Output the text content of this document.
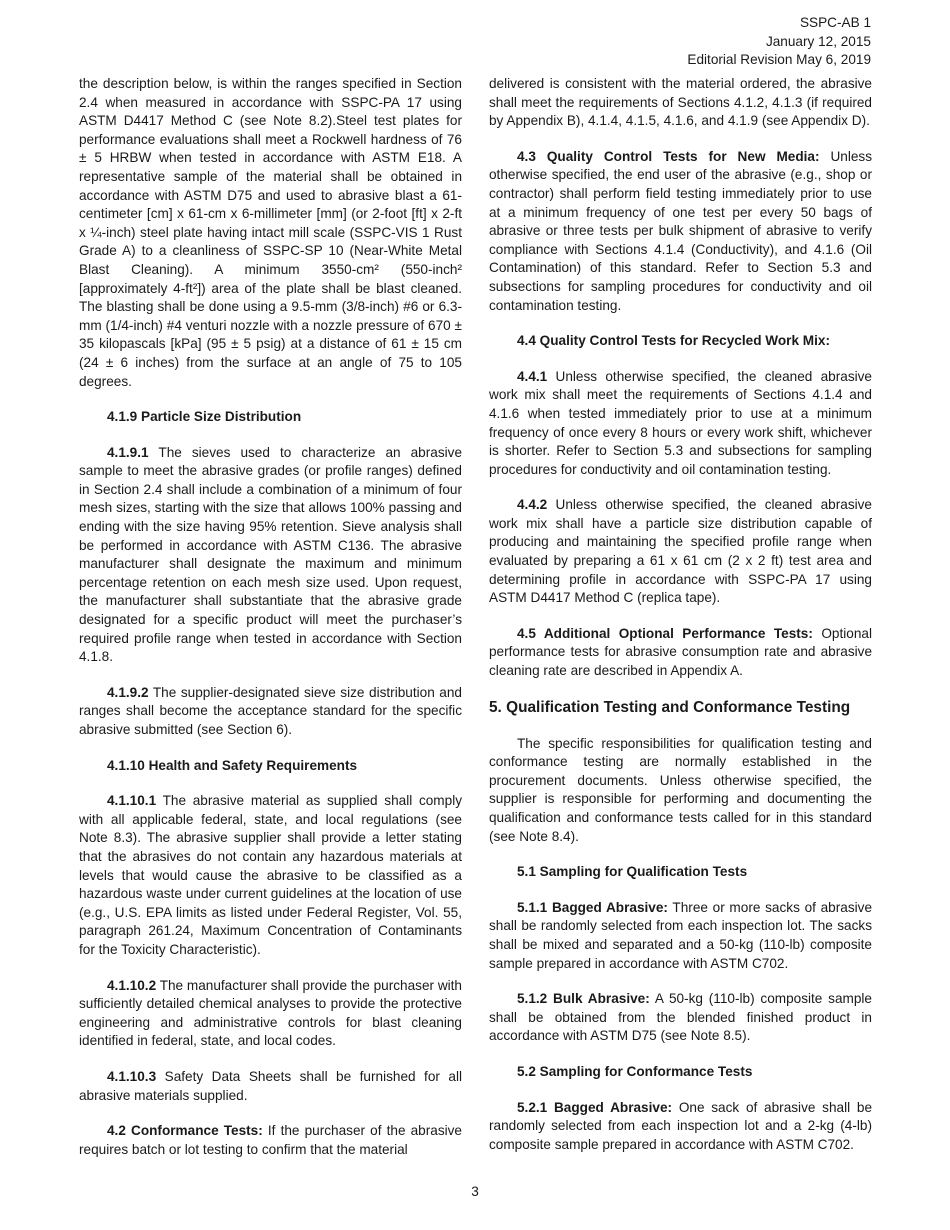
SSPC-AB 1
January 12, 2015
Editorial Revision May 6, 2019

the description below, is within the ranges specified in Section 2.4 when measured in accordance with SSPC-PA 17 using ASTM D4417 Method C (see Note 8.2).Steel test plates for performance evaluations shall meet a Rockwell hardness of 76 ± 5 HRBW when tested in accordance with ASTM E18. A representative sample of the material shall be obtained in accordance with ASTM D75 and used to abrasive blast a 61-centimeter [cm] x 61-cm x 6-millimeter [mm] (or 2-foot [ft] x 2-ft x ¼-inch) steel plate having intact mill scale (SSPC-VIS 1 Rust Grade A) to a cleanliness of SSPC-SP 10 (Near-White Metal Blast Cleaning). A minimum 3550-cm² (550-inch² [approximately 4-ft²]) area of the plate shall be blast cleaned. The blasting shall be done using a 9.5-mm (3/8-inch) #6 or 6.3-mm (1/4-inch) #4 venturi nozzle with a nozzle pressure of 670 ± 35 kilopascals [kPa] (95 ± 5 psig) at a distance of 61 ± 15 cm (24 ± 6 inches) from the surface at an angle of 75 to 105 degrees.

4.1.9 Particle Size Distribution

4.1.9.1 The sieves used to characterize an abrasive sample to meet the abrasive grades (or profile ranges) defined in Section 2.4 shall include a combination of a minimum of four mesh sizes, starting with the size that allows 100% passing and ending with the size having 95% retention. Sieve analysis shall be performed in accordance with ASTM C136. The abrasive manufacturer shall designate the maximum and minimum percentage retention on each mesh size used. Upon request, the manufacturer shall substantiate that the abrasive grade designated for a specific product will meet the purchaser’s required profile range when tested in accordance with Section 4.1.8.

4.1.9.2 The supplier-designated sieve size distribution and ranges shall become the acceptance standard for the specific abrasive submitted (see Section 6).

4.1.10 Health and Safety Requirements

4.1.10.1 The abrasive material as supplied shall comply with all applicable federal, state, and local regulations (see Note 8.3). The abrasive supplier shall provide a letter stating that the abrasives do not contain any hazardous materials at levels that would cause the abrasive to be classified as a hazardous waste under current guidelines at the location of use (e.g., U.S. EPA limits as listed under Federal Register, Vol. 55, paragraph 261.24, Maximum Concentration of Contaminants for the Toxicity Characteristic).

4.1.10.2 The manufacturer shall provide the purchaser with sufficiently detailed chemical analyses to provide the protective engineering and administrative controls for blast cleaning identified in federal, state, and local codes.

4.1.10.3 Safety Data Sheets shall be furnished for all abrasive materials supplied.

4.2 Conformance Tests: If the purchaser of the abrasive requires batch or lot testing to confirm that the material

delivered is consistent with the material ordered, the abrasive shall meet the requirements of Sections 4.1.2, 4.1.3 (if required by Appendix B), 4.1.4, 4.1.5, 4.1.6, and 4.1.9 (see Appendix D).

4.3 Quality Control Tests for New Media: Unless otherwise specified, the end user of the abrasive (e.g., shop or contractor) shall perform field testing immediately prior to use at a minimum frequency of one test per every 50 bags of abrasive or three tests per bulk shipment of abrasive to verify compliance with Sections 4.1.4 (Conductivity), and 4.1.6 (Oil Contamination) of this standard. Refer to Section 5.3 and subsections for sampling procedures for conductivity and oil contamination testing.

4.4 Quality Control Tests for Recycled Work Mix:

4.4.1 Unless otherwise specified, the cleaned abrasive work mix shall meet the requirements of Sections 4.1.4 and 4.1.6 when tested immediately prior to use at a minimum frequency of once every 8 hours or every work shift, whichever is shorter. Refer to Section 5.3 and subsections for sampling procedures for conductivity and oil contamination testing.

4.4.2 Unless otherwise specified, the cleaned abrasive work mix shall have a particle size distribution capable of producing and maintaining the specified profile range when evaluated by preparing a 61 x 61 cm (2 x 2 ft) test area and determining profile in accordance with SSPC-PA 17 using ASTM D4417 Method C (replica tape).

4.5 Additional Optional Performance Tests: Optional performance tests for abrasive consumption rate and abrasive cleaning rate are described in Appendix A.

5. Qualification Testing and Conformance Testing

The specific responsibilities for qualification testing and conformance testing are normally established in the procurement documents. Unless otherwise specified, the supplier is responsible for performing and documenting the qualification and conformance tests called for in this standard (see Note 8.4).

5.1 Sampling for Qualification Tests

5.1.1 Bagged Abrasive: Three or more sacks of abrasive shall be randomly selected from each inspection lot. The sacks shall be mixed and separated and a 50-kg (110-lb) composite sample prepared in accordance with ASTM C702.

5.1.2 Bulk Abrasive: A 50-kg (110-lb) composite sample shall be obtained from the blended finished product in accordance with ASTM D75 (see Note 8.5).

5.2 Sampling for Conformance Tests

5.2.1 Bagged Abrasive: One sack of abrasive shall be randomly selected from each inspection lot and a 2-kg (4-lb) composite sample prepared in accordance with ASTM C702.

3
